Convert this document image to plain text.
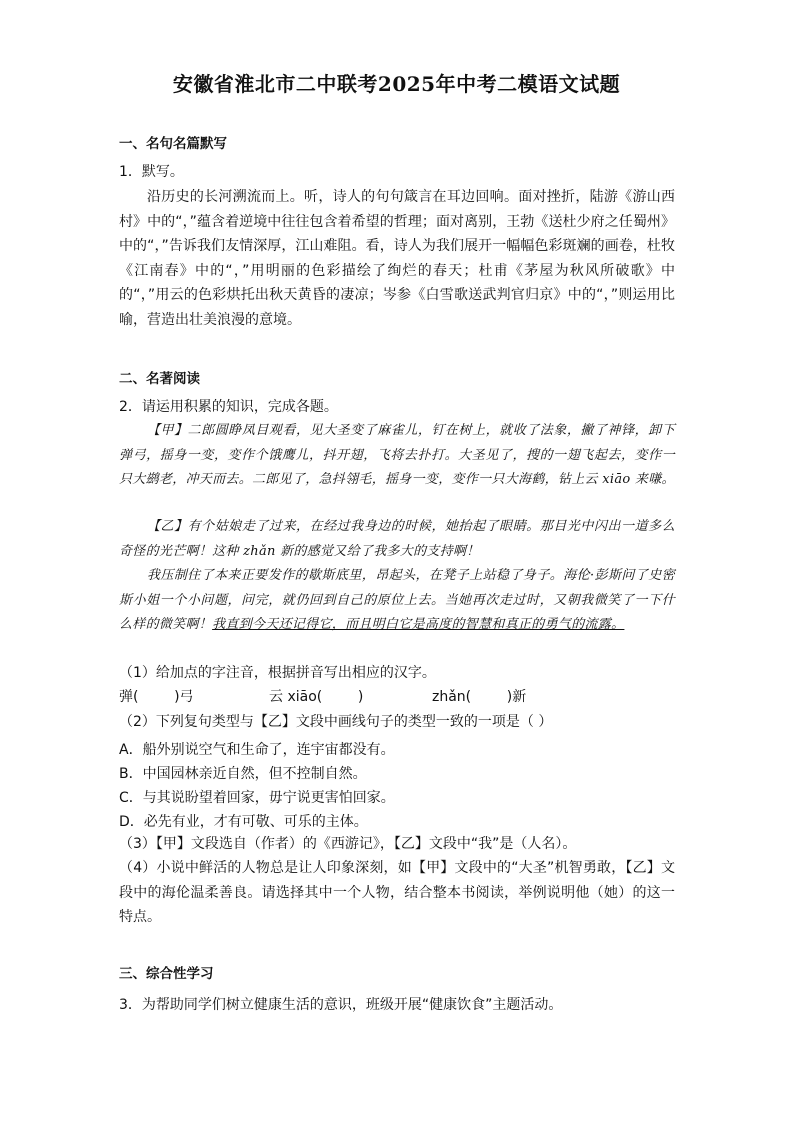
安徽省淮北市二中联考2025年中考二模语文试题
一、名句名篇默写
1．默写。

沿历史的长河溯流而上。听，诗人的句句箴言在耳边回响。面对挫折，陆游《游山西村》中的“，”蕴含着逆境中往往包含着希望的哲理；面对离别，王勃《送杜少府之任蜀州》中的“，”告诉我们友情深厚，江山难阻。看，诗人为我们展开一幅幅色彩斑斓的画卷，杜牧《江南春》中的“，”用明丽的色彩描绘了绚烂的春天；杜甫《茅屋为秋风所破歌》中的“，”用云的色彩烘托出秋天黄昏的凄凉；岑参《白雪歌送武判官归京》中的“，”则运用比喻，营造出壮美浪漫的意境。

二、名著阅读
2．请运用积累的知识，完成各题。

【甲】二郎圆睁凤目观看，见大圣变了麻雀儿，钉在树上，就收了法象，撇了神锋，卸下弹弓，摇身一变，变作个饿鹰儿，抖开翅，飞将去扑打。大圣见了，搜的一翅飞起去，变作一只大鹚老，冲天而去。二郎见了，急抖翎毛，摇身一变，变作一只大海鹤，钻上云 xiāo 来嗛。

【乙】有个姑娘走了过来，在经过我身边的时候，她抬起了眼睛。那目光中闪出一道多么奇怪的光芒啊！这种 zhǎn 新的感觉又给了我多大的支持啊！

我压制住了本来正要发作的歇斯底里，昂起头，在凳子上站稳了身子。海伦·彭斯问了史密斯小姐一个小问题，问完，就仍回到自己的原位上去。当她再次走过时，又朝我微笑了一下什么样的微笑啊！我直到今天还记得它，而且明白它是高度的智慧和真正的勇气的流露。

（1）给加点的字注音，根据拼音写出相应的汉字。
弹(        )弓	云 xiāo(        )	zhǎn(        )新
（2）下列复句类型与【乙】文段中画线句子的类型一致的一项是（ ）
A．船外别说空气和生命了，连宇宙都没有。
B．中国园林亲近自然，但不控制自然。
C．与其说盼望着回家，毋宁说更害怕回家。
D．必先有业，才有可敬、可乐的主体。
（3）【甲】文段选自（作者）的《西游记》，【乙】文段中“我”是（人名）。

（4）小说中鲜活的人物总是让人印象深刻，如【甲】文段中的“大圣”机智勇敢，【乙】文段中的海伦温柔善良。请选择其中一个人物，结合整本书阅读，举例说明他（她）的这一特点。

三、综合性学习
3．为帮助同学们树立健康生活的意识，班级开展“健康饮食”主题活动。
